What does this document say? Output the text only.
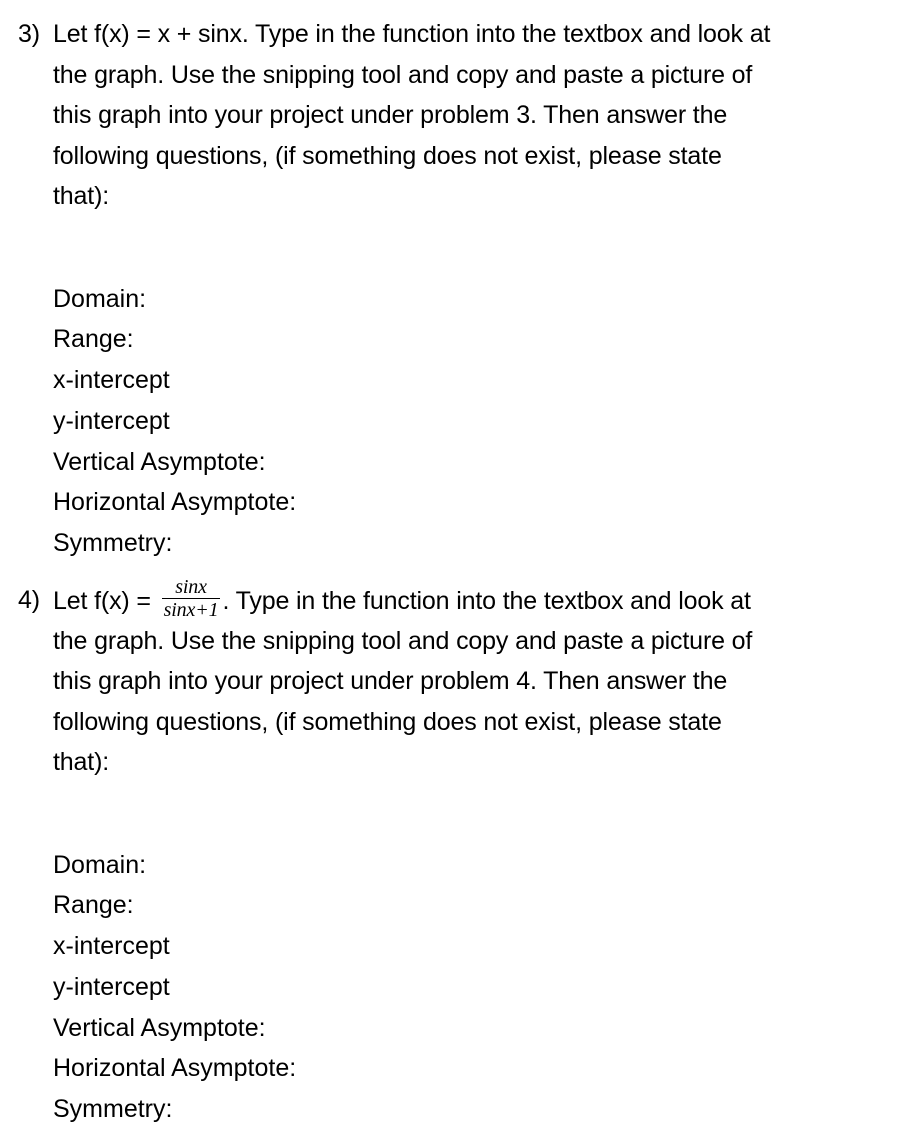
3) Let f(x) = x + sinx. Type in the function into the textbox and look at
the graph. Use the snipping tool and copy and paste a picture of
this graph into your project under problem 3. Then answer the
following questions, (if something does not exist, please state
that):
Domain:
Range:
x-intercept
y-intercept
Vertical Asymptote:
Horizontal Asymptote:
Symmetry:
4) Let $f(x) = \frac{\sin x}{\sin x+1}$ . Type in the function into the textbox and look at
the graph. Use the snipping tool and copy and paste a picture of
this graph into your project under problem 4. Then answer the
following questions, (if something does not exist, please state
that):
Domain:
Range:
x-intercept
y-intercept
Vertical Asymptote:
Horizontal Asymptote:
Symmetry:
